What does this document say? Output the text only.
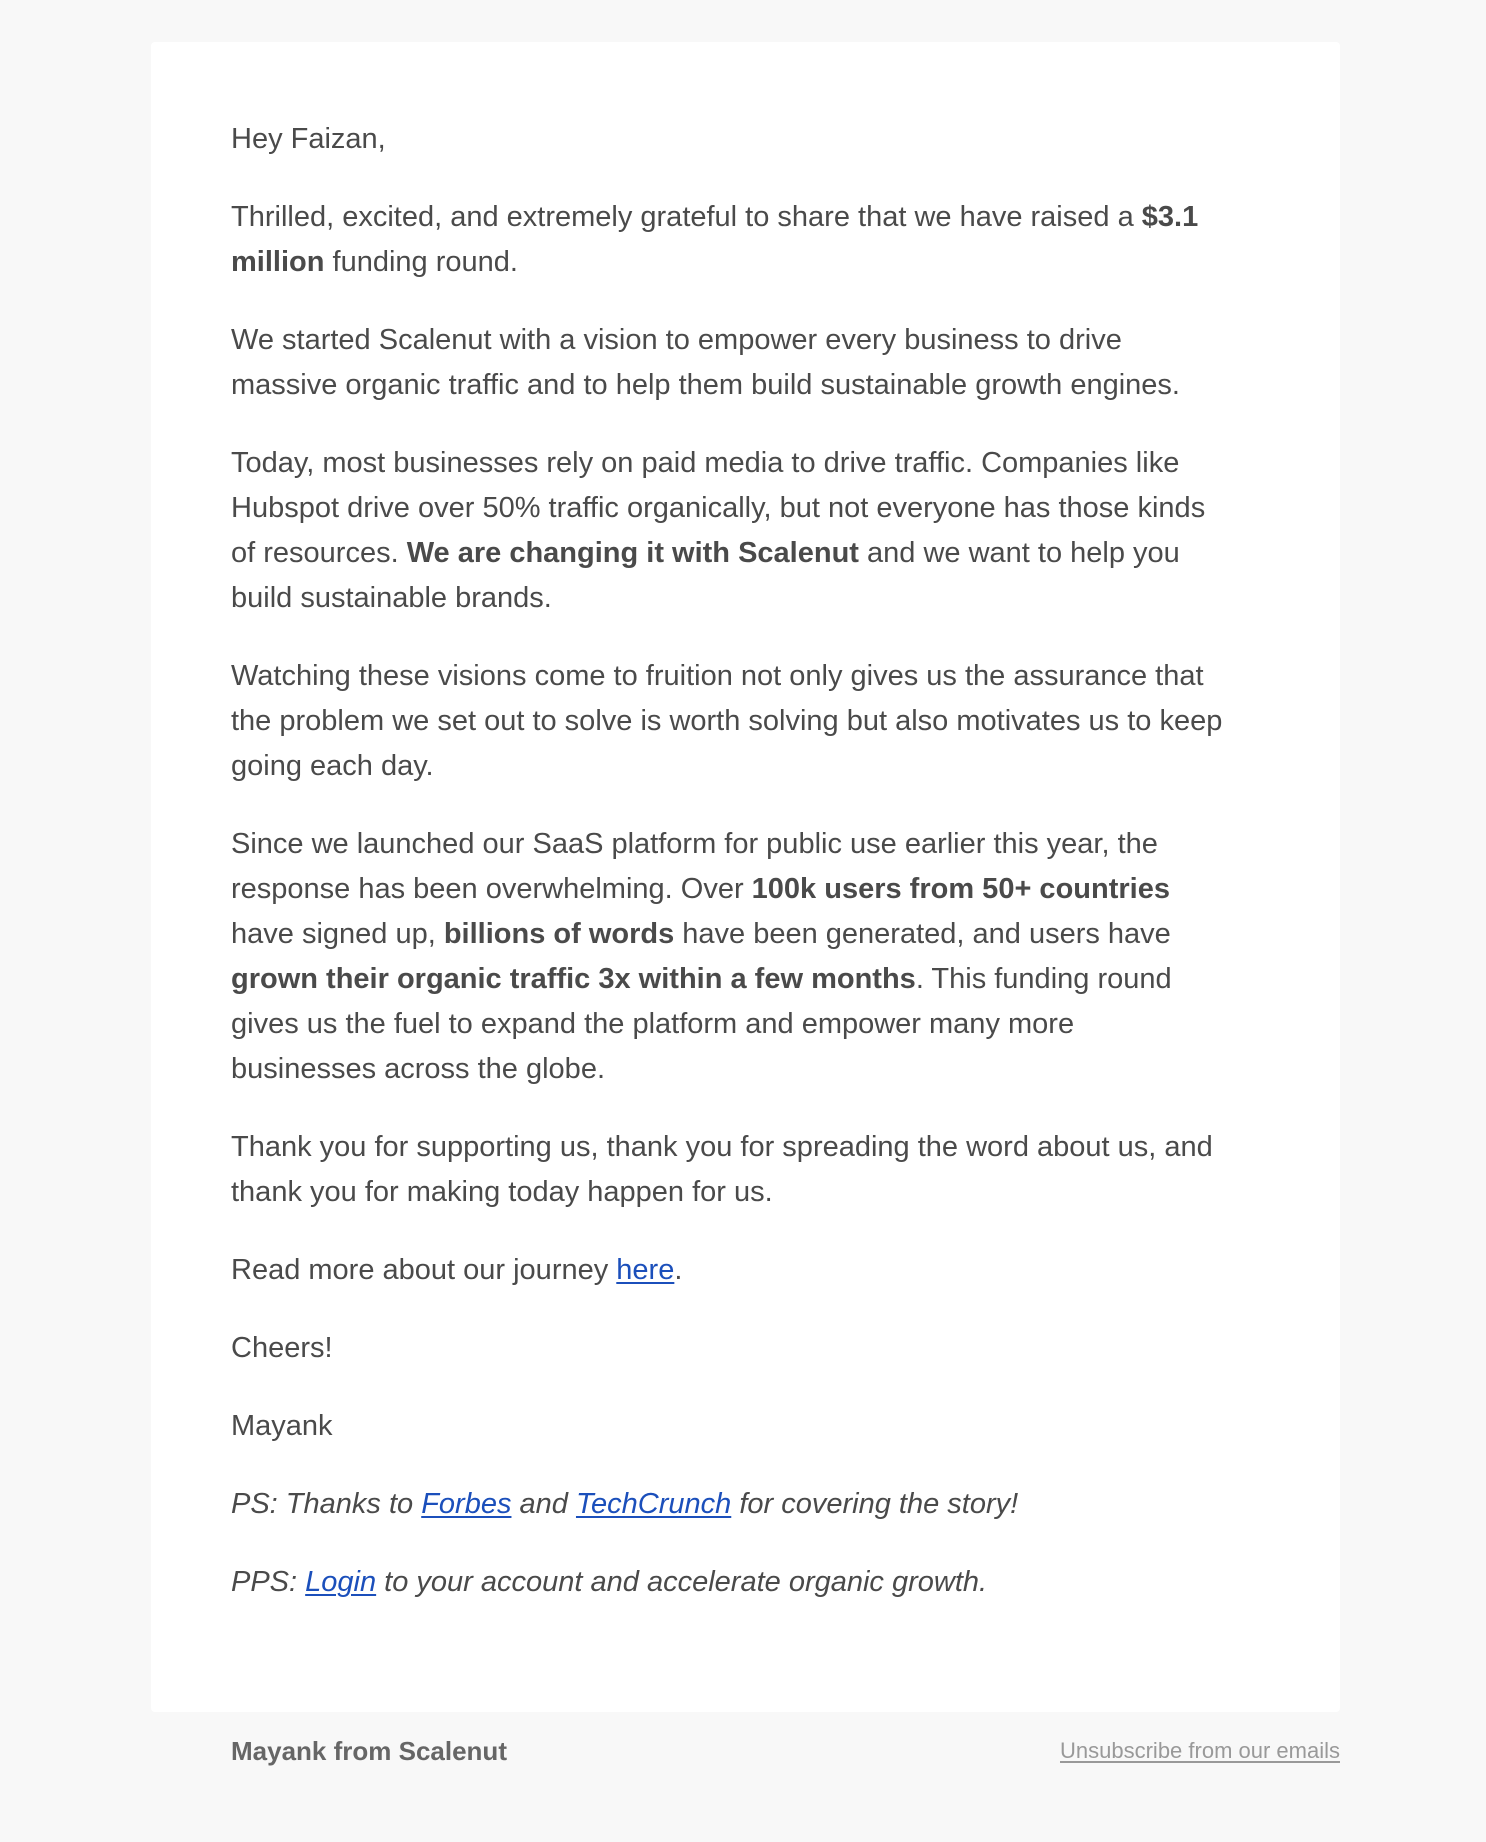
Hey Faizan,

Thrilled, excited, and extremely grateful to share that we have raised a $3.1
million funding round.

We started Scalenut with a vision to empower every business to drive
massive organic traffic and to help them build sustainable growth engines.

Today, most businesses rely on paid media to drive traffic. Companies like
Hubspot drive over 50% traffic organically, but not everyone has those kinds
of resources. We are changing it with Scalenut and we want to help you
build sustainable brands.

Watching these visions come to fruition not only gives us the assurance that
the problem we set out to solve is worth solving but also motivates us to keep
going each day.

Since we launched our SaaS platform for public use earlier this year, the
response has been overwhelming. Over 100k users from 50+ countries
have signed up, billions of words have been generated, and users have
grown their organic traffic 3x within a few months. This funding round
gives us the fuel to expand the platform and empower many more
businesses across the globe.

Thank you for supporting us, thank you for spreading the word about us, and
thank you for making today happen for us.

Read more about our journey here.

Cheers!

Mayank

PS: Thanks to Forbes and TechCrunch for covering the story!

PPS: Login to your account and accelerate organic growth.

Mayank from Scalenut	Unsubscribe from our emails
